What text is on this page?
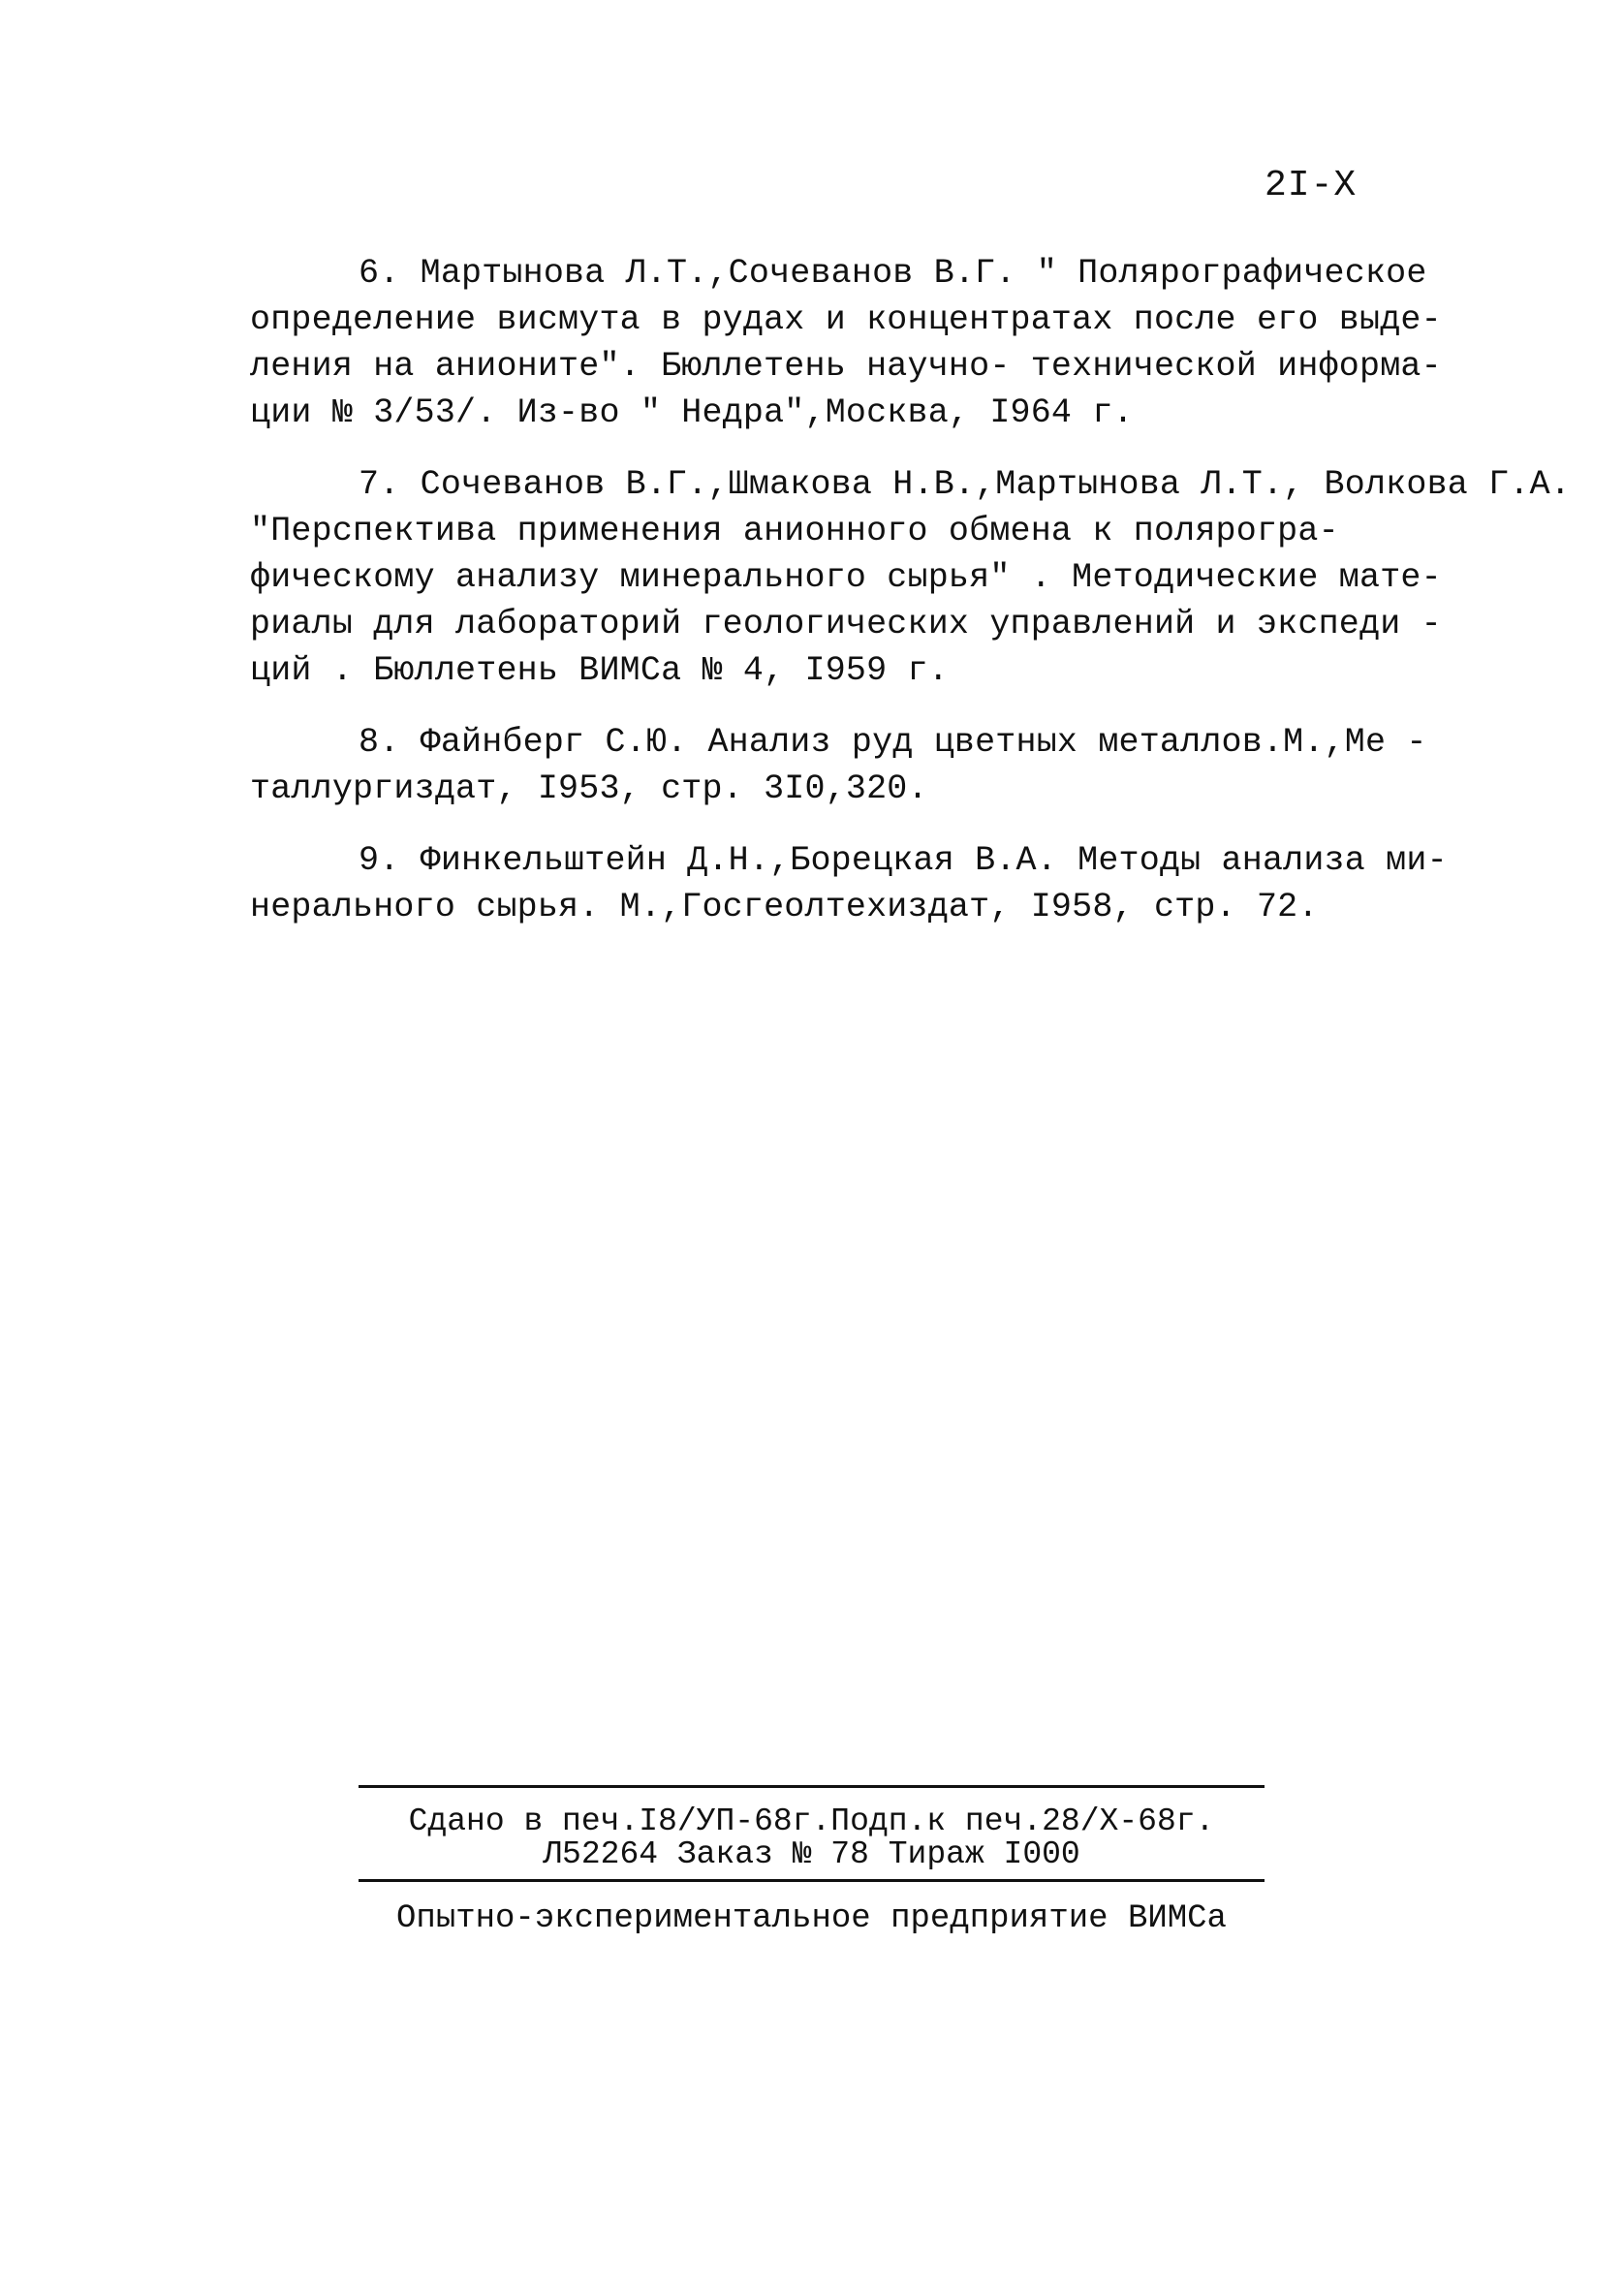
2I-X
6. Мартынова Л.Т.,Сочеванов В.Г. " Полярографическое
определение висмута в рудах и концентратах после его выде-
ления на анионите". Бюллетень научно- технической информа-
ции № 3/53/. Из-во " Недра",Москва, I964 г.
7. Сочеванов В.Г.,Шмакова Н.В.,Мартынова Л.Т., Волкова Г.А.
"Перспектива применения анионного обмена к полярогра-
фическому анализу минерального сырья" . Методические мате-
риалы для лабораторий геологических управлений и экспеди -
ций . Бюллетень ВИМСа № 4, I959 г.
8. Файнберг С.Ю. Анализ руд цветных металлов.М.,Ме -
таллургиздат, I953, стр. 3I0,320.
9. Финкельштейн Д.Н.,Борецкая В.А. Методы анализа ми-
нерального сырья. М.,Госгеолтехиздат, I958, стр. 72.
Сдано в печ.I8/УП-68г.Подп.к печ.28/Х-68г.
Л52264 Заказ № 78 Тираж I000
Опытно-экспериментальное предприятие ВИМСа
